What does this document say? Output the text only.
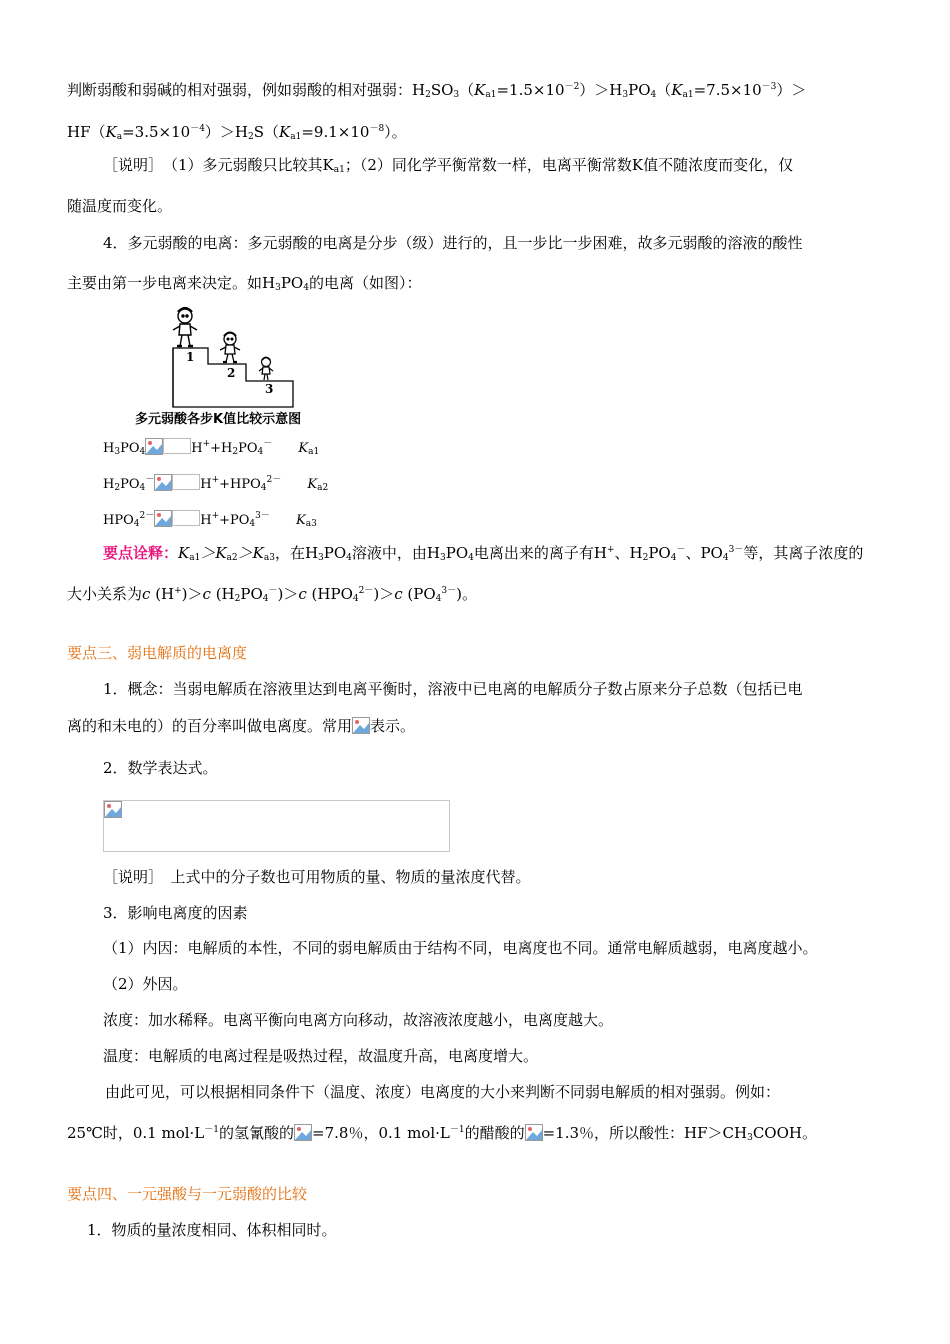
判断弱酸和弱碱的相对强弱，例如弱酸的相对强弱：$H_2SO_3(K_{a1}=1.5\times 10^{-2})>H_3PO_4(K_{a1}=7.5\times 10^{-3})>$
$HF(K_a=3.5\times 10^{-4})>H_2S(K_{a1}=9.1\times 10^{-8})$。
［说明］　（1）多元弱酸只比较其$K_{a1}$；（2）同化学平衡常数一样，电离平衡常数K值不随浓度而变化，仅
随温度而变化。
4．多元弱酸的电离：多元弱酸的电离是分步（级）进行的，且一步比一步困难，故多元弱酸的溶液的酸性
主要由第一步电离来决定。如$H_3PO_4$的电离（如图）：
1
2
3
多元弱酸各步K值比较示意图
$H_3PO_4$	$H^++H_2PO_4^-$ $K_{a1}$
$H_2PO_4^-$	$H^++HPO_4^{2-}$ $K_{a2}$
$HPO_4^{2-}$	$H^++PO_4^{3-}$ $K_{a3}$
要点诠释：$K_{a1}>K_{a2}>K_{a3}$，在$H_3PO_4$溶液中，由$H_3PO_4$电离出来的离子有H+、$H_2PO_4^-$、$PO_4^{3-}$等，其离子浓度的
大小关系为c (H+)＞c $(H_2PO_4^-)>c$ $(HPO_4^{2-})>c$ $(PO_4^{3-})$。
要点三、弱电解质的电离度
1．概念：当弱电解质在溶液里达到电离平衡时，溶液中已电离的电解质分子数占原来分子总数（包括已电
离的和未电的）的百分率叫做电离度。常用 表示。
2．数学表达式。
［说明］　上式中的分子数也可用物质的量、物质的量浓度代替。
3．影响电离度的因素
（1）内因：电解质的本性，不同的弱电解质由于结构不同，电离度也不同。通常电解质越弱，电离度越小。
（2）外因。
浓度：加水稀释。电离平衡向电离方向移动，故溶液浓度越小，电离度越大。
温度：电解质的电离过程是吸热过程，故温度升高，电离度增大。
由此可见，可以根据相同条件下（温度、浓度）电离度的大小来判断不同弱电解质的相对强弱。例如：
25℃时，0.1 $mol\cdot L^{-1}$的氢氰酸的 =7.8％，0.1 $mol\cdot L^{-1}$的醋酸的 =1.3％，所以酸性：$HF>CH_3COOH$。
要点四、一元强酸与一元弱酸的比较
1．物质的量浓度相同、体积相同时。
